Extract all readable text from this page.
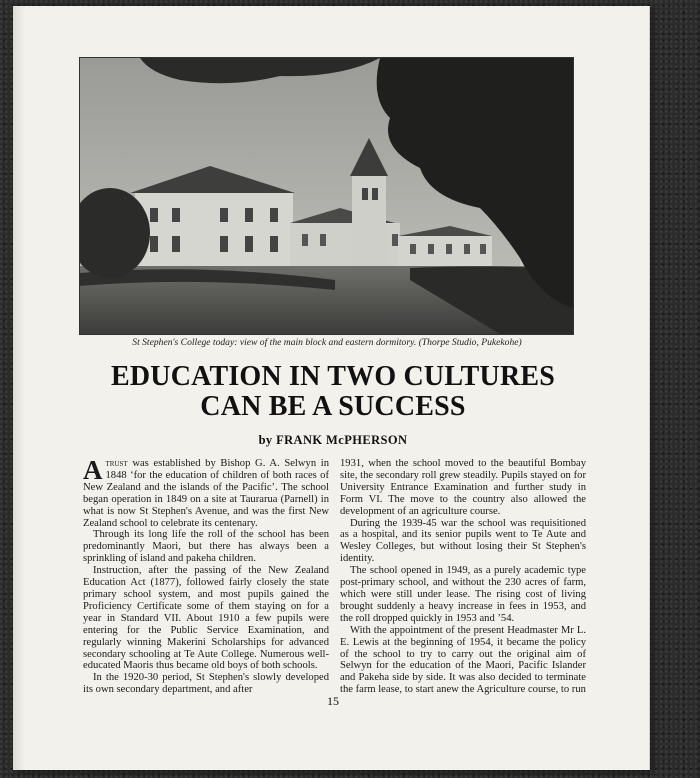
St Stephen's College today: view of the main block and eastern dormitory. (Thorpe Studio, Pukekohe)
EDUCATION IN TWO CULTURES
CAN BE A SUCCESS
by FRANK McPHERSON

Atrust was established by Bishop G. A. Selwyn in 1848 ‘for the education of children of both races of New Zealand and the islands of the Pacific’. The school began operation in 1849 on a site at Taurarua (Parnell) in what is now St Stephen's Avenue, and was the first New Zealand school to celebrate its centenary.

Through its long life the roll of the school has been predominantly Maori, but there has always been a sprinkling of island and pakeha children.

Instruction, after the passing of the New Zealand Education Act (1877), followed fairly closely the state primary school system, and most pupils gained the Proficiency Certificate some of them staying on for a year in Standard VII. About 1910 a few pupils were entering for the Public Service Examination, and regularly winning Makerini Scholarships for advanced secondary schooling at Te Aute College. Numerous well-educated Maoris thus became old boys of both schools.

In the 1920-30 period, St Stephen's slowly developed its own secondary department, and after

1931, when the school moved to the beautiful Bombay site, the secondary roll grew steadily. Pupils stayed on for University Entrance Examination and further study in Form VI. The move to the country also allowed the development of an agriculture course.

During the 1939-45 war the school was requisitioned as a hospital, and its senior pupils went to Te Aute and Wesley Colleges, but without losing their St Stephen's identity.

The school opened in 1949, as a purely academic type post-primary school, and without the 230 acres of farm, which were still under lease. The rising cost of living brought suddenly a heavy increase in fees in 1953, and the roll dropped quickly in 1953 and ’54.

With the appointment of the present Headmaster Mr L. E. Lewis at the beginning of 1954, it became the policy of the school to try to carry out the original aim of Selwyn for the education of the Maori, Pacific Islander and Pakeha side by side. It was also decided to terminate the farm lease, to start anew the Agriculture course, to run

15
